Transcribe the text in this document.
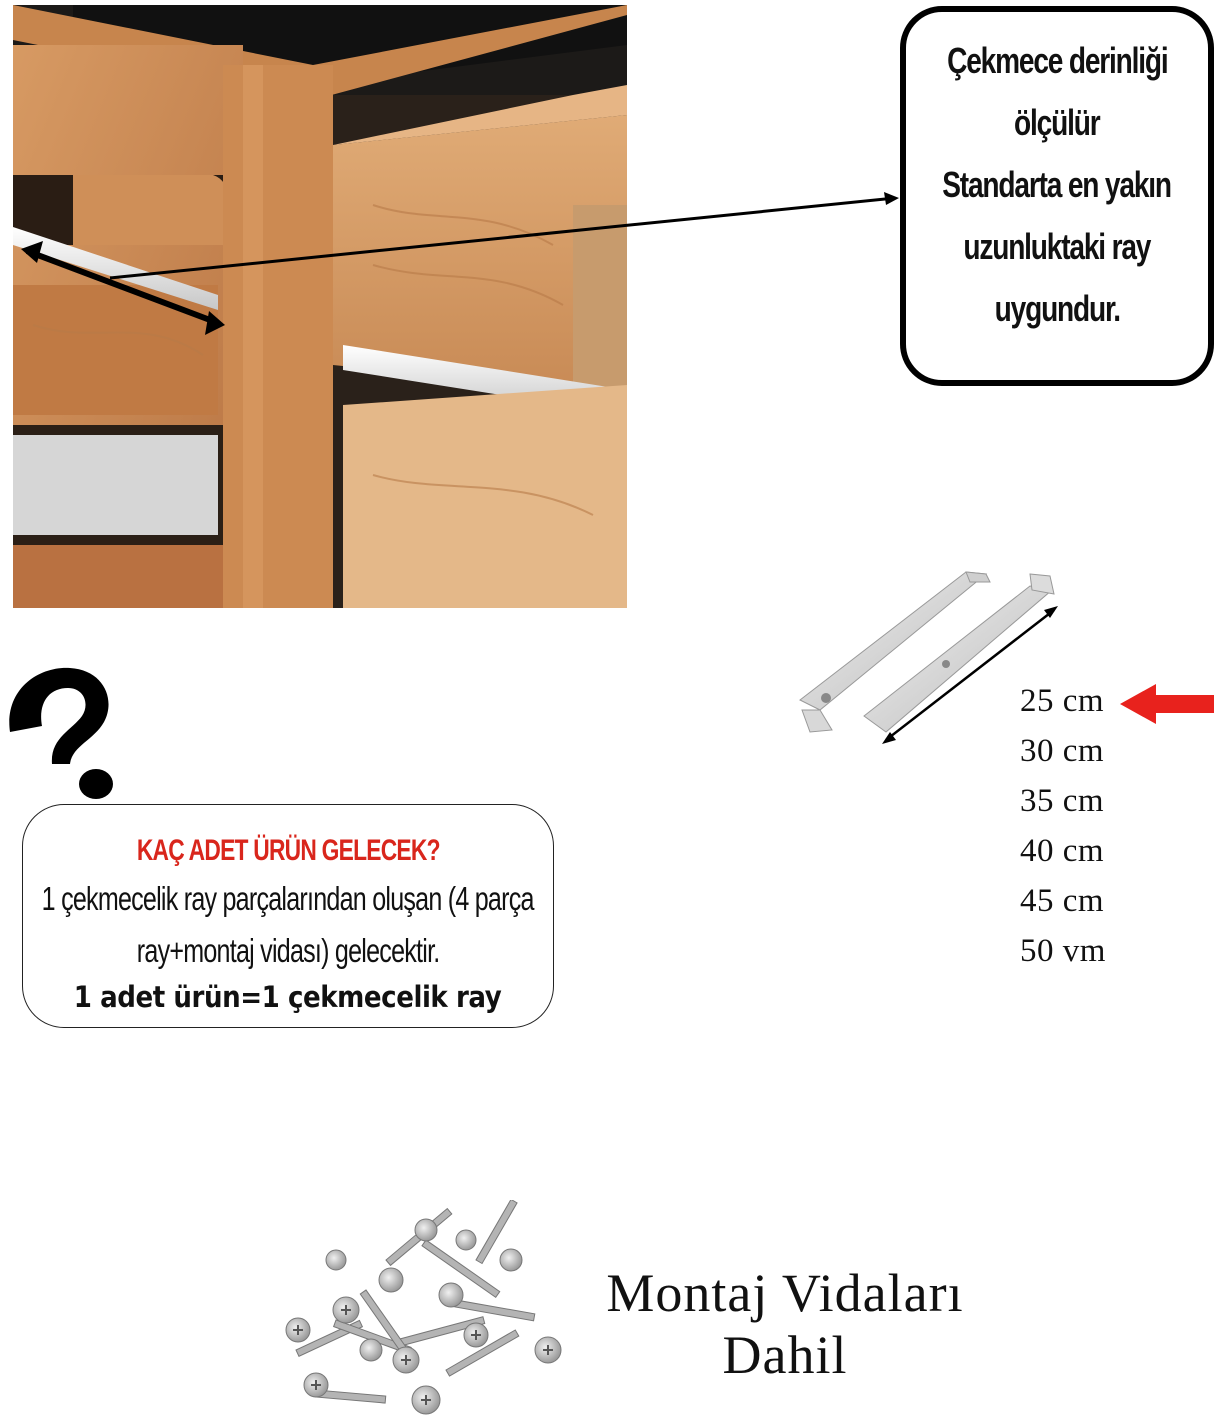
Çekmece derinliği
ölçülür
Standarta en yakın
uzunluktaki ray
uygundur.
KAÇ ADET ÜRÜN GELECEK?
1 çekmecelik ray parçalarından oluşan (4 parça
ray+montaj vidası) gelecektir.
1 adet ürün=1 çekmecelik ray
25 cm
30 cm
35 cm
40 cm
45 cm
50 vm
Montaj Vidaları
Dahil
